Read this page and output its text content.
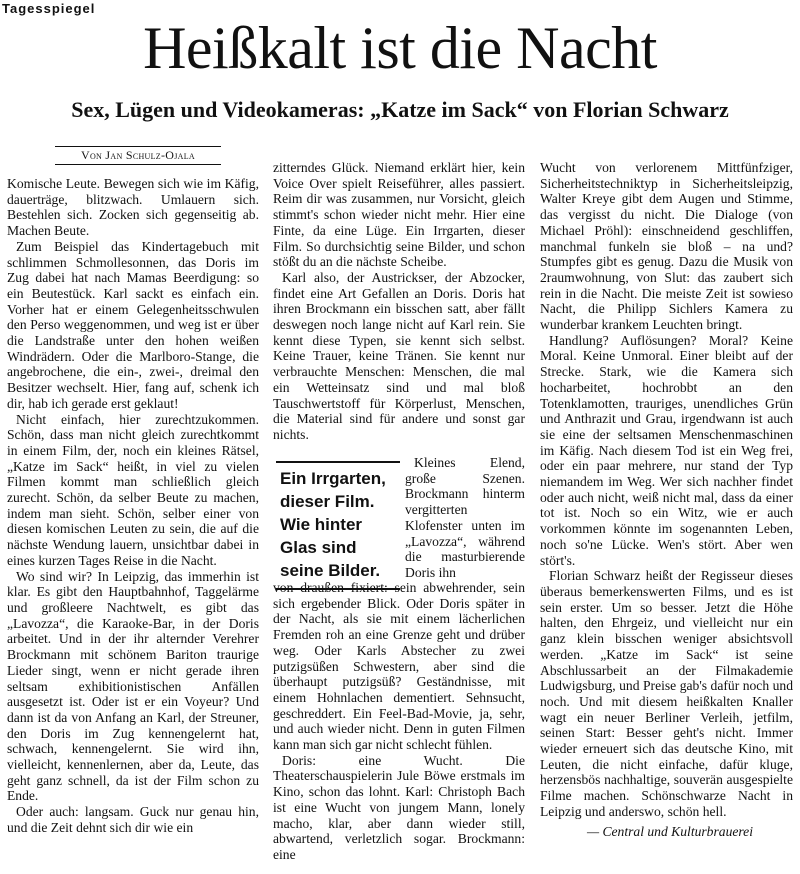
Tagesspiegel
Heißkalt ist die Nacht
Sex, Lügen und Videokameras: „Katze im Sack“ von Florian Schwarz
Von Jan Schulz-Ojala

Komische Leute. Bewegen sich wie im Käfig, dauerträge, blitzwach. Umlauern sich. Bestehlen sich. Zocken sich gegenseitig ab. Machen Beute.

Zum Beispiel das Kindertagebuch mit schlimmen Schmollesonnen, das Doris im Zug dabei hat nach Mamas Beerdigung: so ein Beutestück. Karl sackt es einfach ein. Vorher hat er einem Gelegenheitsschwulen den Perso weggenommen, und weg ist er über die Landstraße unter den hohen weißen Windrädern. Oder die Marlboro-Stange, die angebrochene, die ein-, zwei-, dreimal den Besitzer wechselt. Hier, fang auf, schenk ich dir, hab ich gerade erst geklaut!

Nicht einfach, hier zurechtzukommen. Schön, dass man nicht gleich zurechtkommt in einem Film, der, noch ein kleines Rätsel, „Katze im Sack“ heißt, in viel zu vielen Filmen kommt man schließlich gleich zurecht. Schön, da selber Beute zu machen, indem man sieht. Schön, selber einer von diesen komischen Leuten zu sein, die auf die nächste Wendung lauern, unsichtbar dabei in eines kurzen Tages Reise in die Nacht.

Wo sind wir? In Leipzig, das immerhin ist klar. Es gibt den Hauptbahnhof, Taggelärme und großleere Nachtwelt, es gibt das „Lavozza“, die Karaoke-Bar, in der Doris arbeitet. Und in der ihr alternder Verehrer Brockmann mit schönem Bariton traurige Lieder singt, wenn er nicht gerade ihren seltsam exhibitionistischen Anfällen ausgesetzt ist. Oder ist er ein Voyeur? Und dann ist da von Anfang an Karl, der Streuner, den Doris im Zug kennengelernt hat, schwach, kennengelernt. Sie wird ihn, vielleicht, kennenlernen, aber da, Leute, das geht ganz schnell, da ist der Film schon zu Ende.

Oder auch: langsam. Guck nur genau hin, und die Zeit dehnt sich dir wie ein

zitterndes Glück. Niemand erklärt hier, kein Voice Over spielt Reiseführer, alles passiert. Reim dir was zusammen, nur Vorsicht, gleich stimmt's schon wieder nicht mehr. Hier eine Finte, da eine Lüge. Ein Irrgarten, dieser Film. So durchsichtig seine Bilder, und schon stößt du an die nächste Scheibe.

Karl also, der Austrickser, der Abzocker, findet eine Art Gefallen an Doris. Doris hat ihren Brockmann ein bisschen satt, aber fällt deswegen noch lange nicht auf Karl rein. Sie kennt diese Typen, sie kennt sich selbst. Keine Trauer, keine Tränen. Sie kennt nur verbrauchte Menschen: Menschen, die mal ein Wetteinsatz sind und mal bloß Tauschwertstoff für Körperlust, Menschen, die Material sind für andere und sonst gar nichts.

Ein Irrgarten, dieser Film. Wie hinter Glas sind seine Bilder.

Kleines Elend, große Szenen. Brockmann hinterm vergitterten Klofenster unten im „Lavozza“, während die masturbierende Doris ihn

von draußen fixiert: sein abwehrender, sein sich ergebender Blick. Oder Doris später in der Nacht, als sie mit einem lächerlichen Fremden roh an eine Grenze geht und drüber weg. Oder Karls Abstecher zu zwei putzigsüßen Schwestern, aber sind die überhaupt putzigsüß? Geständnisse, mit einem Hohnlachen dementiert. Sehnsucht, geschreddert. Ein Feel-Bad-Movie, ja, sehr, und auch wieder nicht. Denn in guten Filmen kann man sich gar nicht schlecht fühlen.

Doris: eine Wucht. Die Theaterschauspielerin Jule Böwe erstmals im Kino, schon das lohnt. Karl: Christoph Bach ist eine Wucht von jungem Mann, lonely macho, klar, aber dann wieder still, abwartend, verletzlich sogar. Brockmann: eine

Wucht von verlorenem Mittfünfziger, Sicherheitstechniktyp in Sicherheitsleipzig, Walter Kreye gibt dem Augen und Stimme, das vergisst du nicht. Die Dialoge (von Michael Pröhl): einschneidend geschliffen, manchmal funkeln sie bloß – na und? Stumpfes gibt es genug. Dazu die Musik von 2raumwohnung, von Slut: das zaubert sich rein in die Nacht. Die meiste Zeit ist sowieso Nacht, die Philipp Sichlers Kamera zu wunderbar krankem Leuchten bringt.

Handlung? Auflösungen? Moral? Keine Moral. Keine Unmoral. Einer bleibt auf der Strecke. Stark, wie die Kamera sich hocharbeitet, hochrobbt an den Totenklamotten, trauriges, unendliches Grün und Anthrazit und Grau, irgendwann ist auch sie eine der seltsamen Menschenmaschinen im Käfig. Nach diesem Tod ist ein Weg frei, oder ein paar mehrere, nur stand der Typ niemandem im Weg. Wer sich nachher findet oder auch nicht, weiß nicht mal, dass da einer tot ist. Noch so ein Witz, wie er auch vorkommen könnte im sogenannten Leben, noch so'ne Lücke. Wen's stört. Aber wen stört's.

Florian Schwarz heißt der Regisseur dieses überaus bemerkenswerten Films, und es ist sein erster. Um so besser. Jetzt die Höhe halten, den Ehrgeiz, und vielleicht nur ein ganz klein bisschen weniger absichtsvoll werden. „Katze im Sack“ ist seine Abschlussarbeit an der Filmakademie Ludwigsburg, und Preise gab's dafür noch und noch. Und mit diesem heißkalten Knaller wagt ein neuer Berliner Verleih, jetfilm, seinen Start: Besser geht's nicht. Immer wieder erneuert sich das deutsche Kino, mit Leuten, die nicht einfache, dafür kluge, herzensbös nachhaltige, souverän ausgespielte Filme machen. Schönschwarze Nacht in Leipzig und anderswo, schön hell.

— Central und Kulturbrauerei
